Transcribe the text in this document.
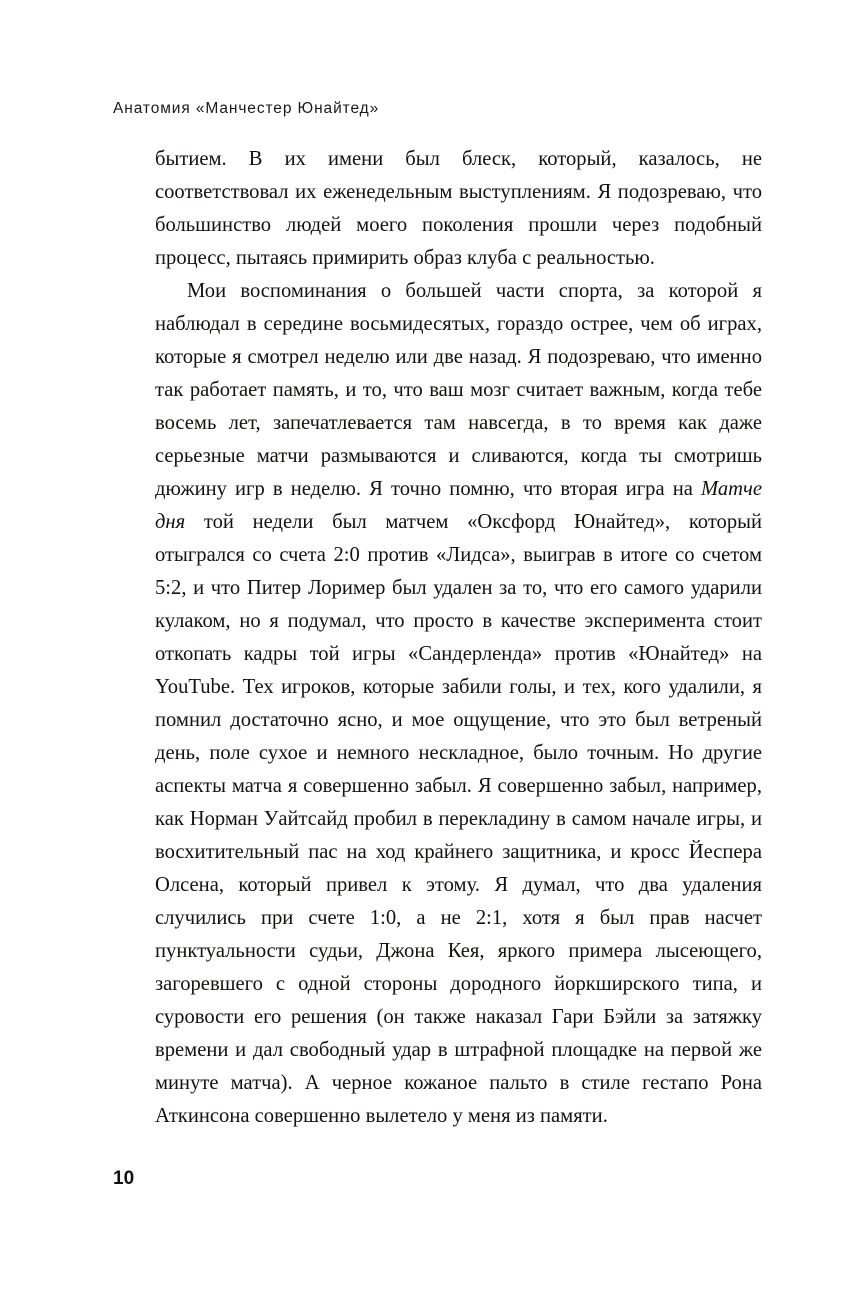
Анатомия «Манчестер Юнайтед»

бытием. В их имени был блеск, который, казалось, не соответствовал их еженедельным выступлениям. Я подозреваю, что большинство людей моего поколения прошли через подобный процесс, пытаясь примирить образ клуба с реальностью.

Мои воспоминания о большей части спорта, за которой я наблюдал в середине восьмидесятых, гораздо острее, чем об играх, которые я смотрел неделю или две назад. Я подозреваю, что именно так работает память, и то, что ваш мозг считает важным, когда тебе восемь лет, запечатлевается там навсегда, в то время как даже серьезные матчи размываются и сливаются, когда ты смотришь дюжину игр в неделю. Я точно помню, что вторая игра на Матче дня той недели был матчем «Оксфорд Юнайтед», который отыгрался со счета 2:0 против «Лидса», выиграв в итоге со счетом 5:2, и что Питер Лоример был удален за то, что его самого ударили кулаком, но я подумал, что просто в качестве эксперимента стоит откопать кадры той игры «Сандерленда» против «Юнайтед» на YouTube. Тех игроков, которые забили голы, и тех, кого удалили, я помнил достаточно ясно, и мое ощущение, что это был ветреный день, поле сухое и немного нескладное, было точным. Но другие аспекты матча я совершенно забыл. Я совершенно забыл, например, как Норман Уайтсайд пробил в перекладину в самом начале игры, и восхитительный пас на ход крайнего защитника, и кросс Йеспера Олсена, который привел к этому. Я думал, что два удаления случились при счете 1:0, а не 2:1, хотя я был прав насчет пунктуальности судьи, Джона Кея, яркого примера лысеющего, загоревшего с одной стороны дородного йоркширского типа, и суровости его решения (он также наказал Гари Бэйли за затяжку времени и дал свободный удар в штрафной площадке на первой же минуте матча). А черное кожаное пальто в стиле гестапо Рона Аткинсона совершенно вылетело у меня из памяти.

10
